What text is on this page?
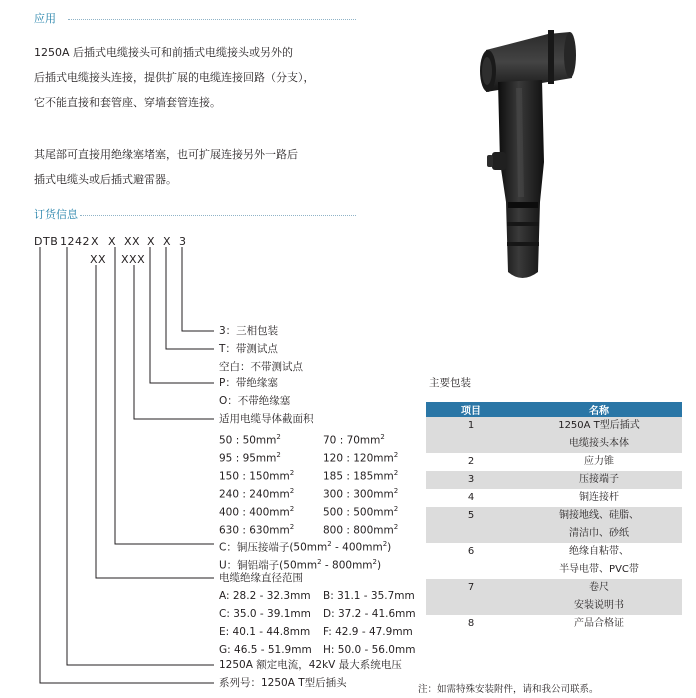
应用
1250A 后插式电缆接头可和前插式电缆接头或另外的
后插式电缆接头连接，提供扩展的电缆连接回路（分支），
它不能直接和套管座、穿墙套管连接。
其尾部可直接用绝缘塞堵塞，也可扩展连接另外一路后
插式电缆头或后插式避雷器。
订货信息
DTB 1242 X X XX X X 3
XX XXX
3：三相包装
T：带测试点
空白：不带测试点
P：带绝缘塞
O：不带绝缘塞
适用电缆导体截面积
50 : $50mm^2$	70 : $70mm^2$
95 : $95mm^2$	120 : $120mm^2$
150 : $150mm^2$	185 : $185mm^2$
240 : $240mm^2$	300 : $300mm^2$
400 : $400mm^2$	500 : $500mm^2$
630 : $630mm^2$	800 : $800mm^2$
C：铜压接端子$(50mm^2 - 400mm^2)$
U：铜铝端子$(50mm^2 - 800mm^2)$
电缆绝缘直径范围
A: 28.2 - 32.3mm B: 31.1 - 35.7mm
C: 35.0 - 39.1mm D: 37.2 - 41.6mm
E: 40.1 - 44.8mm F: 42.9 - 47.9mm
G: 46.5 - 51.9mm H: 50.0 - 56.0mm
1250A 额定电流，42kV 最大系统电压
系列号：1250A T型后插头
主要包装
项目	名称
1	1250A T型后插式
	电缆接头本体
2	应力锥
3	压接端子
4	铜连接杆
5	铜接地线、硅脂、
	清洁巾、砂纸
6	绝缘自粘带、
	半导电带、PVC带
7	卷尺
	安装说明书
8	产品合格证
注：如需特殊安装附件，请和我公司联系。
